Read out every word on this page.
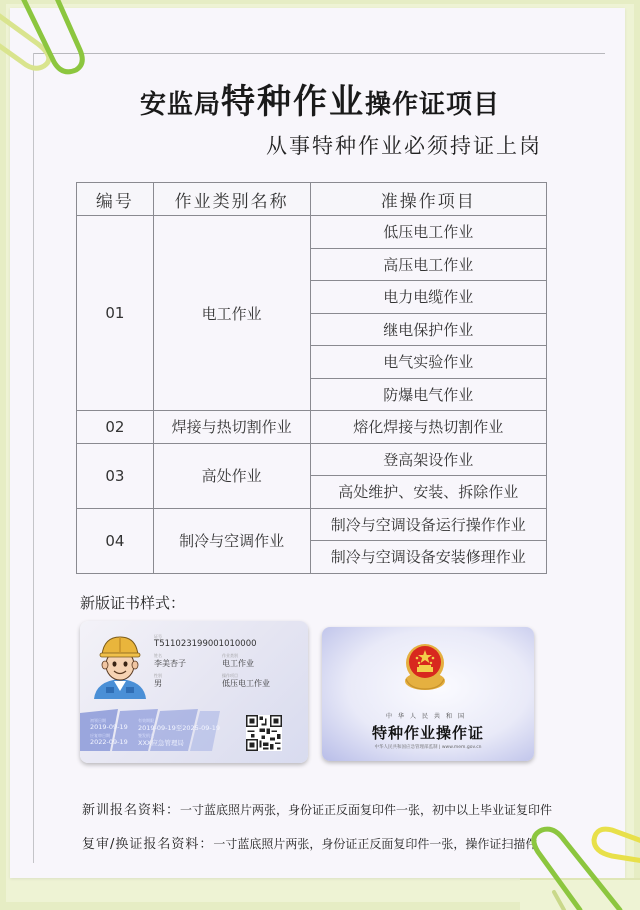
安监局特种作业操作证项目
从事特种作业必须持证上岗
编号	作业类别名称	准操作项目
01	电工作业	低压电工作业
		高压电工作业
		电力电缆作业
		继电保护作业
		电气实验作业
		防爆电气作业
02	焊接与热切割作业	熔化焊接与热切割作业
03	高处作业	登高架设作业
		高处维护、安装、拆除作业
04	制冷与空调作业	制冷与空调设备运行操作作业
		制冷与空调设备安装修理作业
新版证书样式：
证号
T511023199001010000
姓名
李美杏子
作业类别
电工作业
性别
男
操作项目
低压电工作业
初领日期
2019-09-19
有效期限
2019-09-19至2025-09-19
应复审日期
2022-09-19
签发机关
XXX应急管理局
中华人民共和国
特种作业操作证
中华人民共和国应急管理部监制 | www.mem.gov.cn
新训报名资料：一寸蓝底照片两张，身份证正反面复印件一张，初中以上毕业证复印件
复审/换证报名资料：一寸蓝底照片两张，身份证正反面复印件一张，操作证扫描件
